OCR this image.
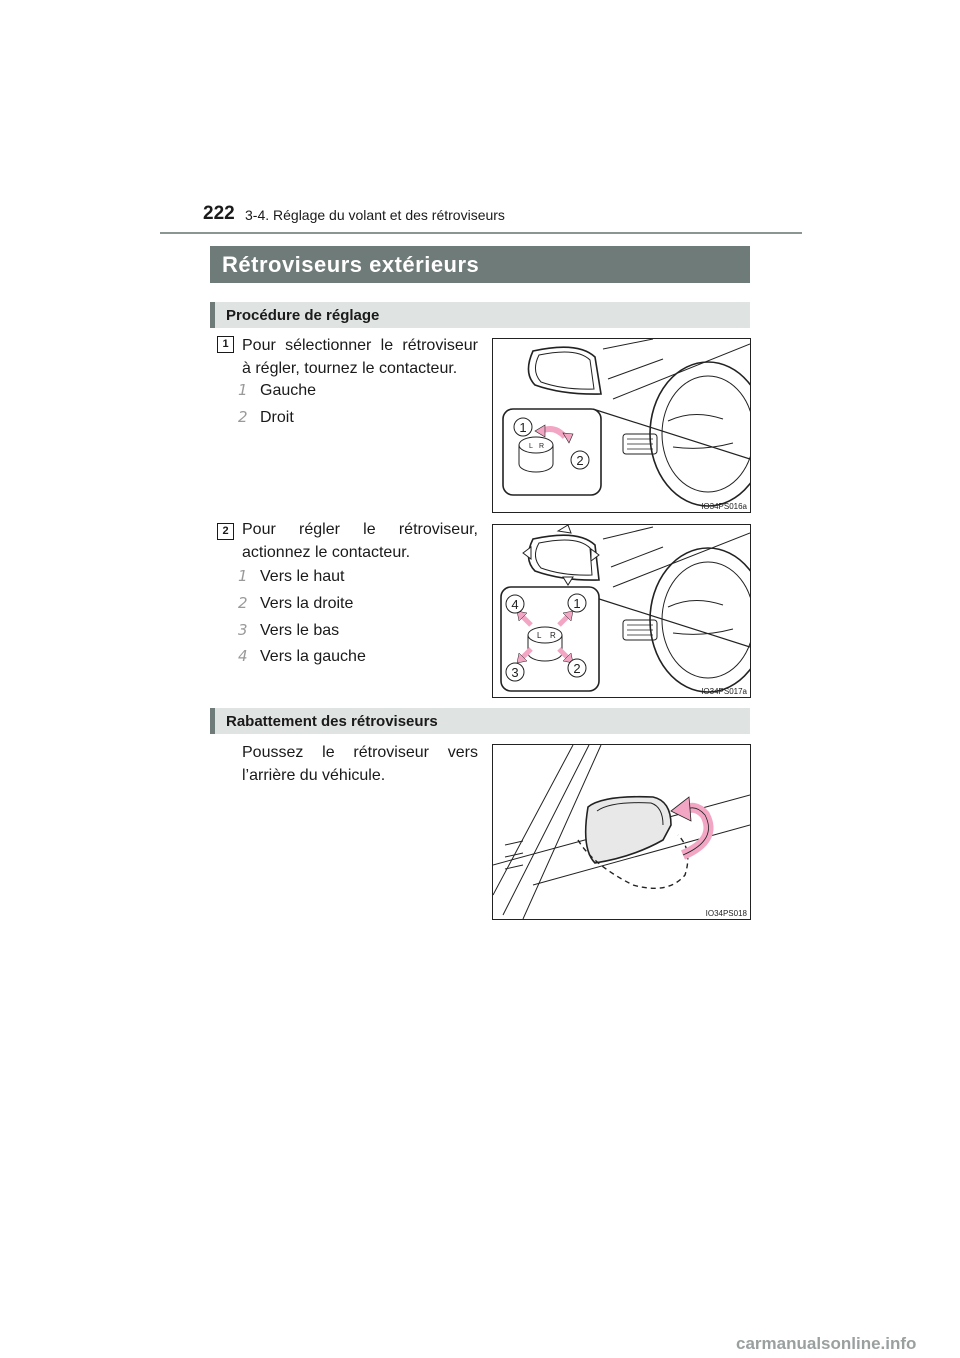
222 3-4. Réglage du volant et des rétroviseurs
Rétroviseurs extérieurs
Procédure de réglage
1 Pour sélectionner le rétroviseur
à régler, tournez le contacteur.
1 Gauche
2 Droit
L R
1
2
IO34PS016a
2 Pour régler le rétroviseur,
actionnez le contacteur.
1 Vers le haut
2 Vers la droite
3 Vers le bas
4 Vers la gauche
L R
4	1
3	2
IO34PS017a
Rabattement des rétroviseurs
Poussez le rétroviseur vers
l’arrière du véhicule.
IO34PS018
carmanualsonline.info
